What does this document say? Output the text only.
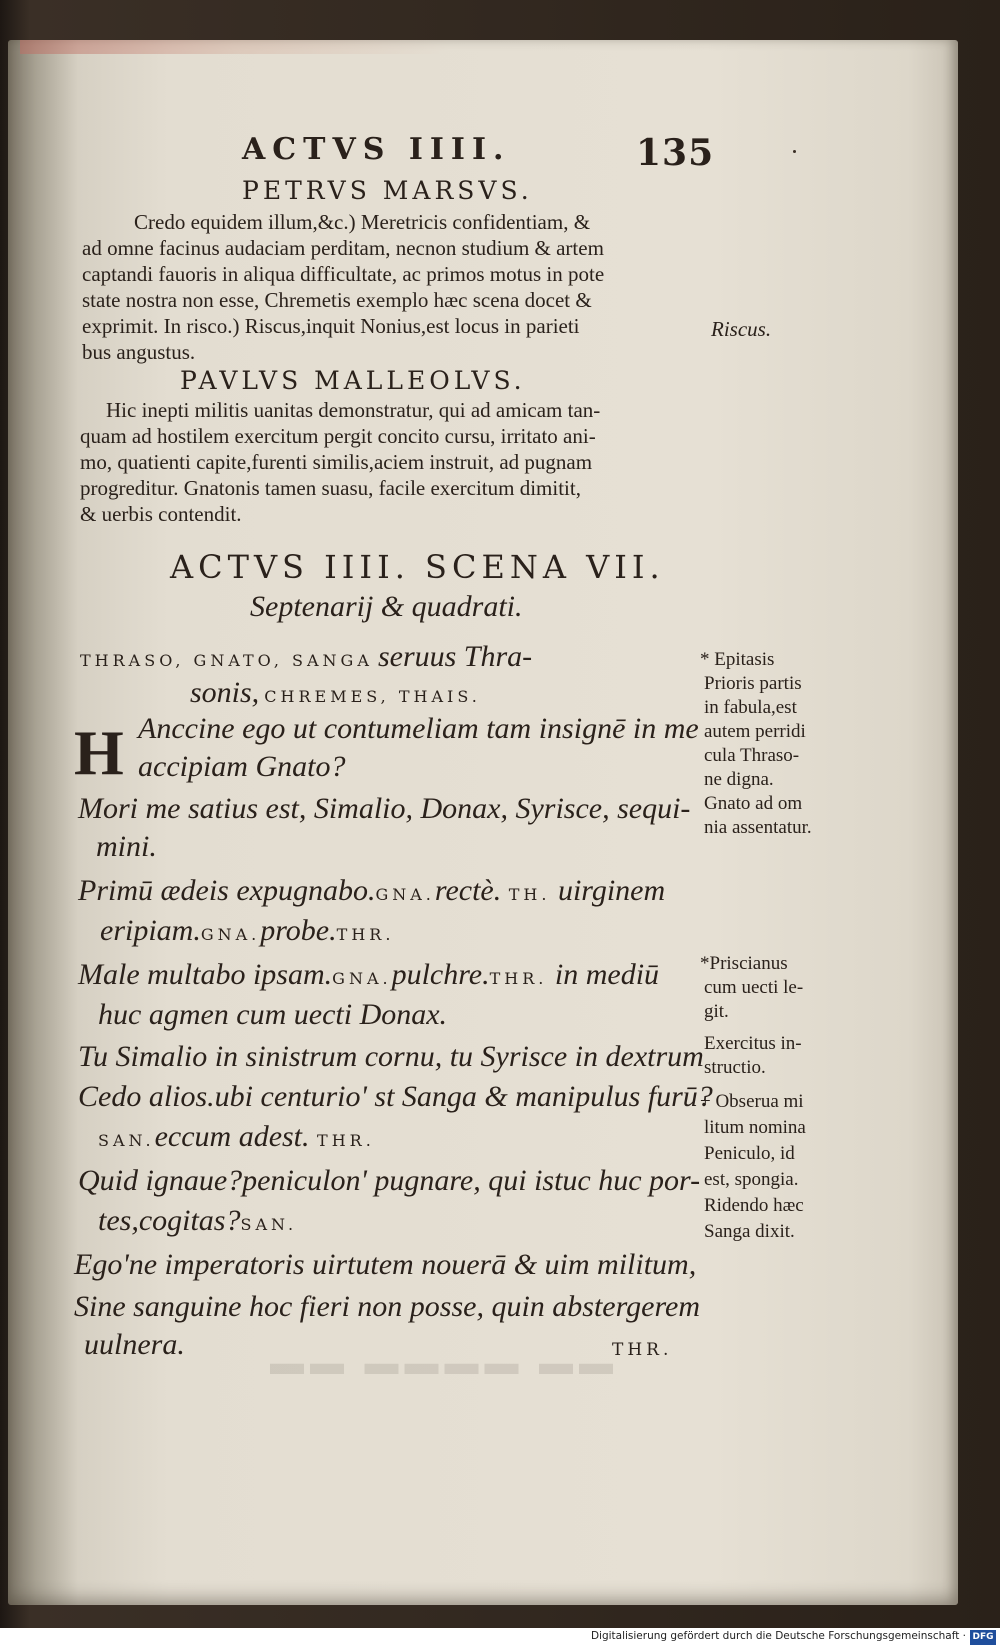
▬▬ ▬▬▬▬ ▬▬
ACTVS IIII.	135
PETRVS MARSVS.
Credo equidem illum,&c.) Meretricis confidentiam, &
ad omne facinus audaciam perditam, necnon studium & artem
captandi fauoris in aliqua difficultate, ac primos motus in pote
state nostra non esse, Chremetis exemplo hæc scena docet &
exprimit. In risco.) Riscus,inquit Nonius,est locus in parieti
bus angustus.
Riscus.
PAVLVS MALLEOLVS.
Hic inepti militis uanitas demonstratur, qui ad amicam tan-
quam ad hostilem exercitum pergit concito cursu, irritato ani-
mo, quatienti capite,furenti similis,aciem instruit, ad pugnam
progreditur. Gnatonis tamen suasu, facile exercitum dimitit,
& uerbis contendit.
ACTVS IIII. SCENA VII.
Septenarij & quadrati.
THRASO, GNATO, SANGA seruus Thra-
sonis, CHREMES, THAIS.
H Anccine ego ut contumeliam tam insignē in me
accipiam Gnato?
Mori me satius est, Simalio, Donax, Syrisce, sequi-
mini.
Primū ædeis expugnabo.GNA.rectè. TH. uirginem
eripiam.GNA.probe.THR.
Male multabo ipsam.GNA.pulchre.THR. in mediū
huc agmen cum uecti Donax.
Tu Simalio in sinistrum cornu, tu Syrisce in dextrum
Cedo alios.ubi centurio' st Sanga & manipulus furū?
SAN.eccum adest. THR.
Quid ignaue?peniculon' pugnare, qui istuc huc por-
tes,cogitas?SAN.
Ego'ne imperatoris uirtutem nouerā & uim militum,
Sine sanguine hoc fieri non posse, quin abstergerem
uulnera.	THR.
* Epitasis
Prioris partis
in fabula,est
autem perridi
cula Thraso-
ne digna.
Gnato ad om
nia assentatur.
*Priscianus
cum uecti le-
git.
Exercitus in-
structio.
+ Obserua mi
litum nomina
Peniculo, id
est, spongia.
Ridendo hæc
Sanga dixit.
Digitalisierung gefördert durch die Deutsche Forschungsgemeinschaft · DFG
